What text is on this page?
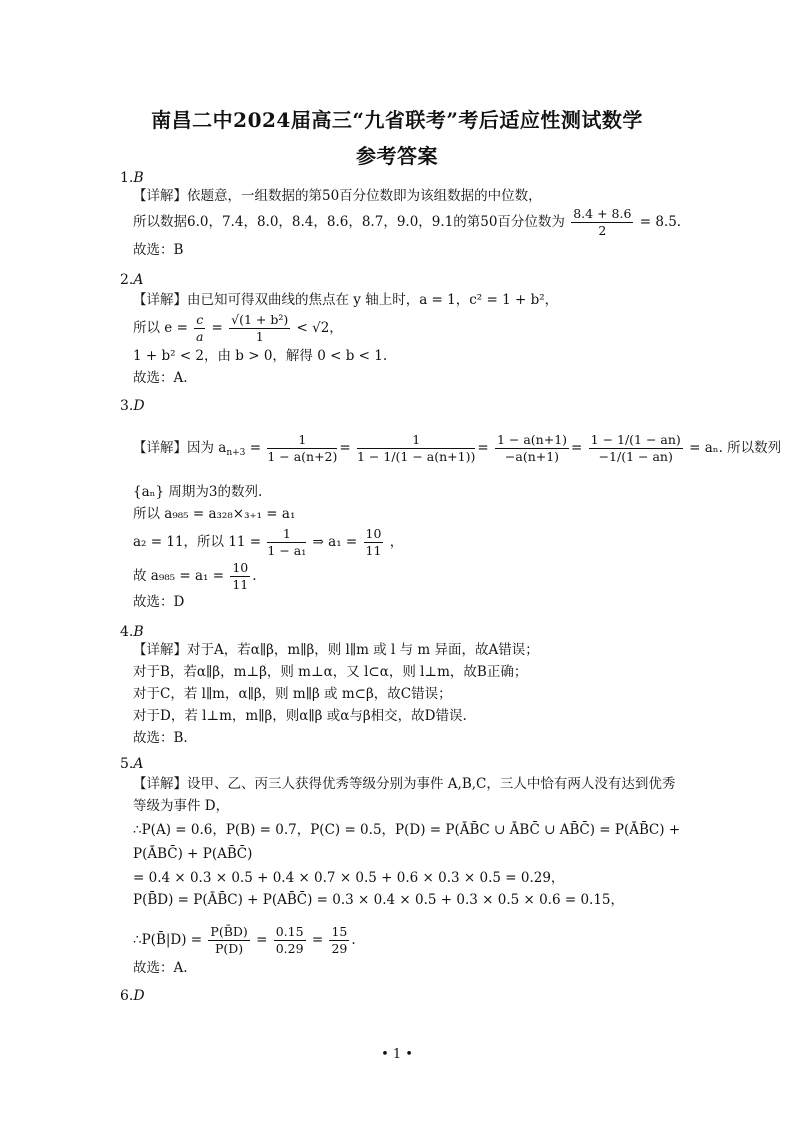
南昌二中2024届高三“九省联考”考后适应性测试数学
参考答案
1.B
【详解】依题意，一组数据的第50百分位数即为该组数据的中位数，
所以数据6.0，7.4，8.0，8.4，8.6，8.7，9.0，9.1的第50百分位数为 $\frac{8.4 + 8.6}{2} = 8.5$.
故选：B
2.A
【详解】由已知可得双曲线的焦点在 y 轴上时，a = 1，c² = 1 + b²，
所以 $e = \frac{c}{a} = \frac{\text{√(1 + b²)}}{1} < √2$，
1 + b² < 2，由 b > 0，解得 0 < b < 1.
故选：A.
3.D
【详解】因为 $a_{n+3} = \frac{1}{1 - a(n+2)} = \frac{1}{1 - 1/(1 - a(n+1))} = \frac{1 - a(n+1)}{-a(n+1)} = \frac{1 - 1/(1 - an)}{-1/(1 - an)} = a_n$. 所以数列
{aₙ} 周期为3的数列.
所以 a₉₈₅ = a₃₂₈×₃₊₁ = a₁
a₂ = 11，所以 $11 = \frac{1}{\text{1 − a₁}}$ ⇒ $a_1 = \frac{10}{11}$ ，
故 $a_{985} = a_1 = \frac{10}{11}$ .
故选：D
4.B
【详解】对于A，若α∥β，m∥β，则 l∥m 或 l 与 m 异面，故A错误；
对于B，若α∥β，m⊥β，则 m⊥α，又 l⊂α，则 l⊥m，故B正确；
对于C，若 l∥m，α∥β，则 m∥β 或 m⊂β，故C错误；
对于D，若 l⊥m，m∥β，则α∥β 或α与β相交，故D错误.
故选：B.
5.A
【详解】设甲、乙、丙三人获得优秀等级分别为事件 A,B,C，三人中恰有两人没有达到优秀
等级为事件 D，
∴P(A) = 0.6，P(B) = 0.7，P(C) = 0.5，P(D) = P(ĀB̄C ∪ ĀBC̄ ∪ AB̄C̄) = P(ĀB̄C) +
P(ĀBC̄) + P(AB̄C̄)
= 0.4 × 0.3 × 0.5 + 0.4 × 0.7 × 0.5 + 0.6 × 0.3 × 0.5 = 0.29，
P(B̄D) = P(ĀB̄C) + P(AB̄C̄) = 0.3 × 0.4 × 0.5 + 0.3 × 0.5 × 0.6 = 0.15，
∴P(B̄|D) = $\frac{P(B̄D)}{P(D)} = \frac{0.15}{0.29} = \frac{15}{29}$ .
故选：A.
6.D
• 1 •
